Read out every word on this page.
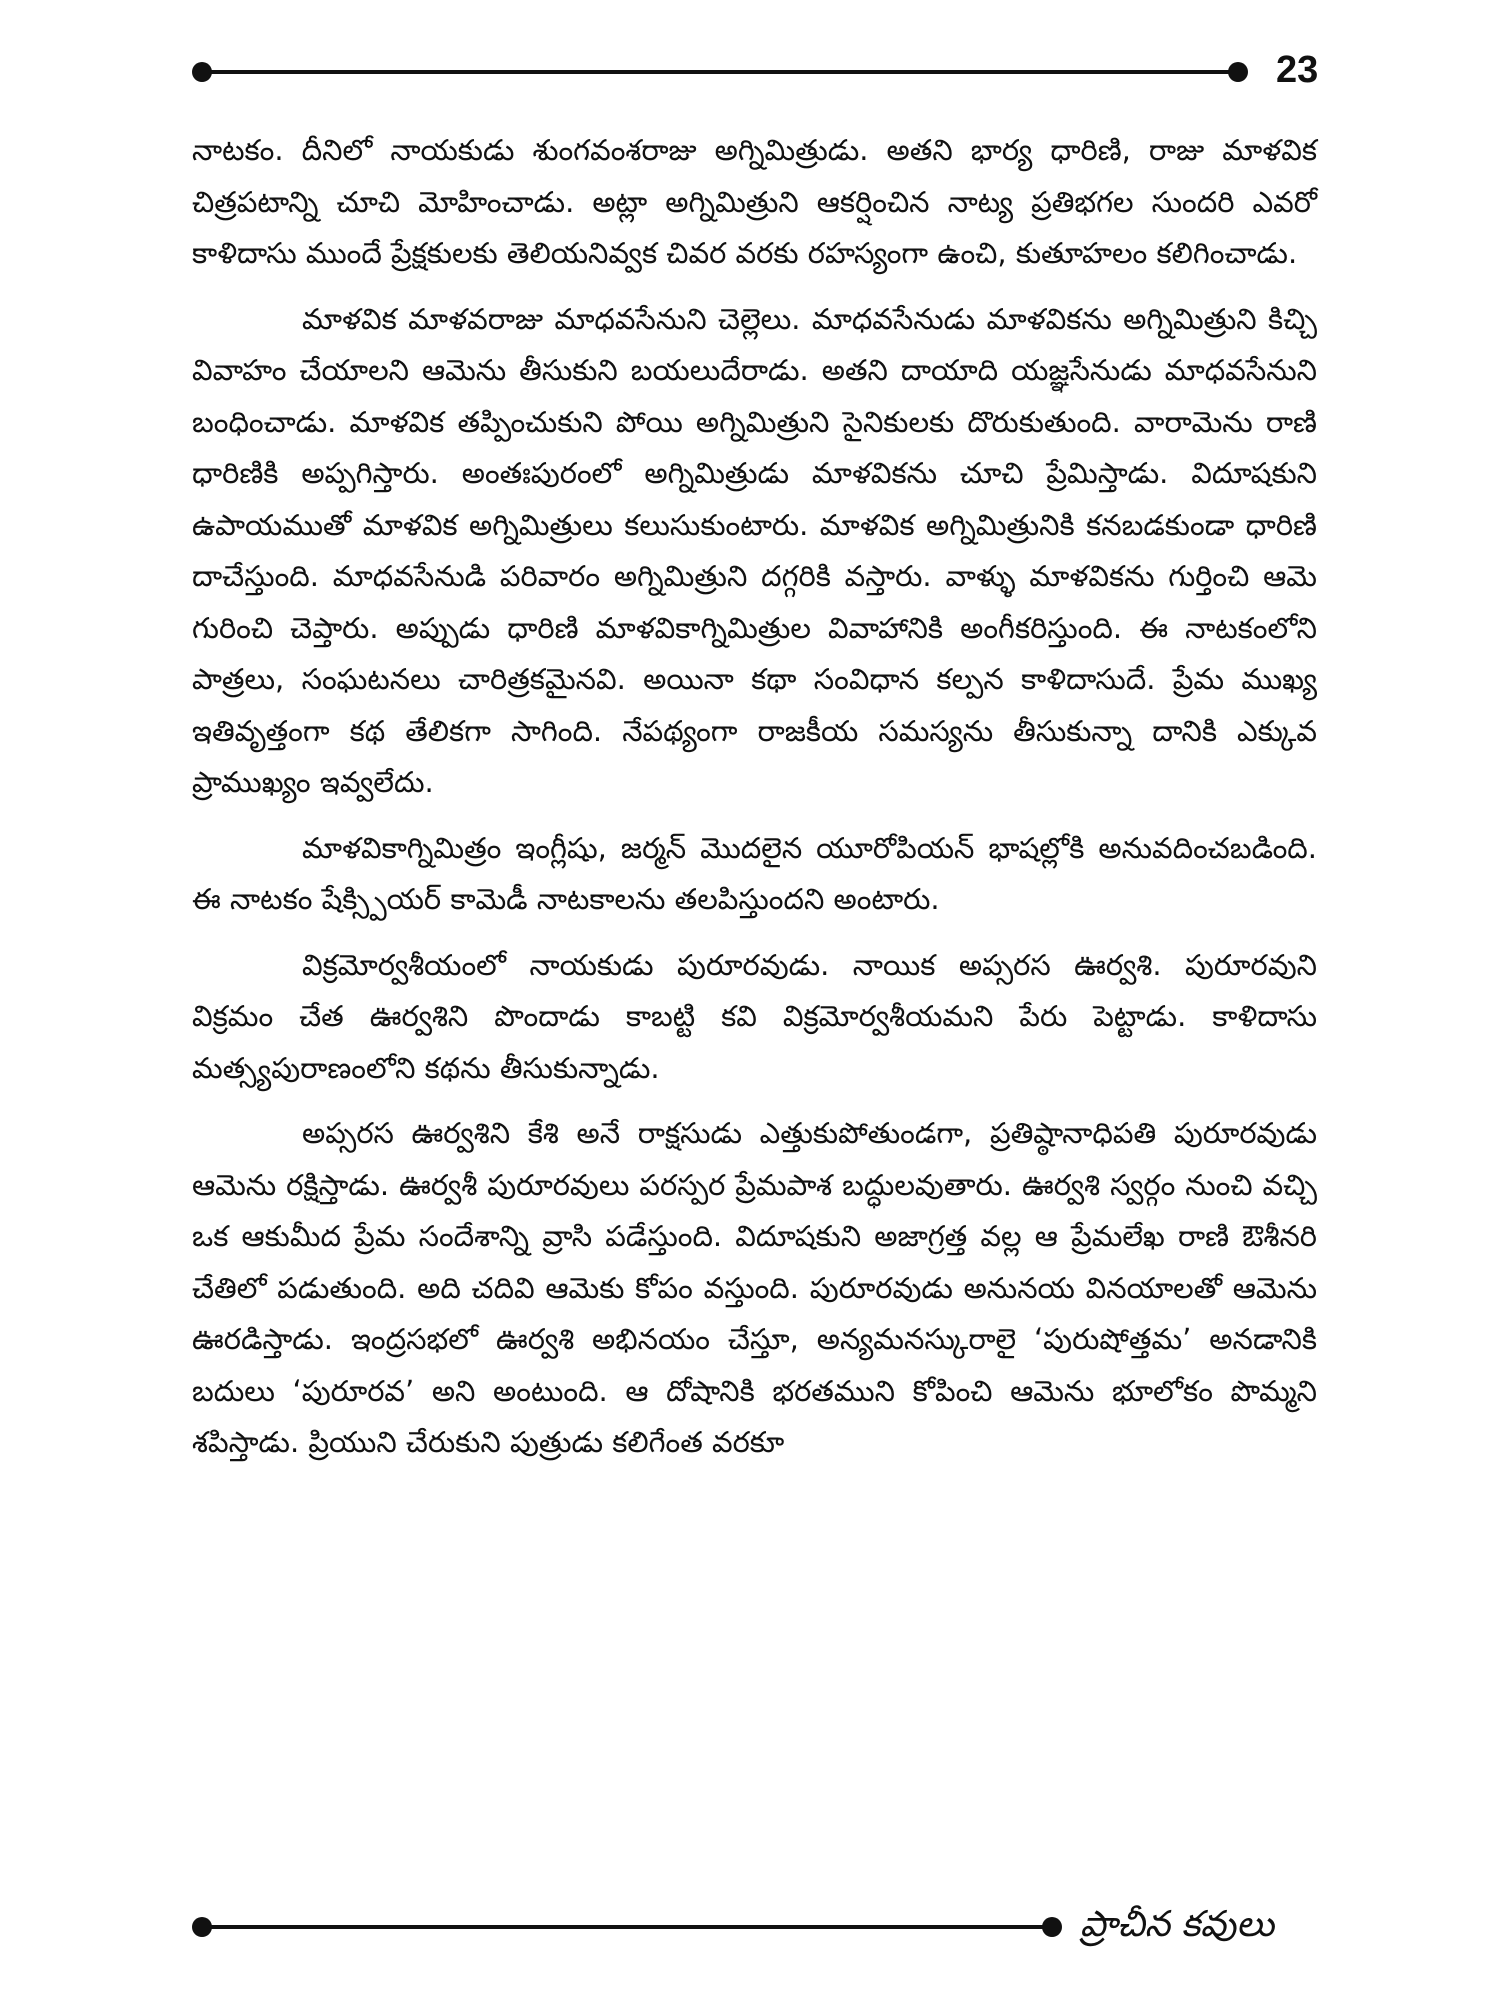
23

నాటకం. దీనిలో నాయకుడు శుంగవంశరాజు అగ్నిమిత్రుడు. అతని భార్య ధారిణి, రాజు మాళవిక చిత్రపటాన్ని చూచి మోహించాడు. అట్లా అగ్నిమిత్రుని ఆకర్షించిన నాట్య ప్రతిభగల సుందరి ఎవరో కాళిదాసు ముందే ప్రేక్షకులకు తెలియనివ్వక చివర వరకు రహస్యంగా ఉంచి, కుతూహలం కలిగించాడు.

మాళవిక మాళవరాజు మాధవసేనుని చెల్లెలు. మాధవసేనుడు మాళవికను అగ్నిమిత్రుని కిచ్చి వివాహం చేయాలని ఆమెను తీసుకుని బయలుదేరాడు. అతని దాయాది యజ్ఞసేనుడు మాధవసేనుని బంధించాడు. మాళవిక తప్పించుకుని పోయి అగ్నిమిత్రుని సైనికులకు దొరుకుతుంది. వారామెను రాణి ధారిణికి అప్పగిస్తారు. అంతఃపురంలో అగ్నిమిత్రుడు మాళవికను చూచి ప్రేమిస్తాడు. విదూషకుని ఉపాయముతో మాళవిక అగ్నిమిత్రులు కలుసుకుంటారు. మాళవిక అగ్నిమిత్రునికి కనబడకుండా ధారిణి దాచేస్తుంది. మాధవసేనుడి పరివారం అగ్నిమిత్రుని దగ్గరికి వస్తారు. వాళ్ళు మాళవికను గుర్తించి ఆమె గురించి చెప్తారు. అప్పుడు ధారిణి మాళవికాగ్నిమిత్రుల వివాహానికి అంగీకరిస్తుంది. ఈ నాటకంలోని పాత్రలు, సంఘటనలు చారిత్రకమైనవి. అయినా కథా సంవిధాన కల్పన కాళిదాసుదే. ప్రేమ ముఖ్య ఇతివృత్తంగా కథ తేలికగా సాగింది. నేపథ్యంగా రాజకీయ సమస్యను తీసుకున్నా దానికి ఎక్కువ ప్రాముఖ్యం ఇవ్వలేదు.

మాళవికాగ్నిమిత్రం ఇంగ్లీషు, జర్మన్ మొదలైన యూరోపియన్ భాషల్లోకి అనువదించబడింది. ఈ నాటకం షేక్స్పియర్ కామెడీ నాటకాలను తలపిస్తుందని అంటారు.

విక్రమోర్వశీయంలో నాయకుడు పురూరవుడు. నాయిక అప్సరస ఊర్వశి. పురూరవుని విక్రమం చేత ఊర్వశిని పొందాడు కాబట్టి కవి విక్రమోర్వశీయమని పేరు పెట్టాడు. కాళిదాసు మత్స్యపురాణంలోని కథను తీసుకున్నాడు.

అప్సరస ఊర్వశిని కేశి అనే రాక్షసుడు ఎత్తుకుపోతుండగా, ప్రతిష్ఠానాధిపతి పురూరవుడు ఆమెను రక్షిస్తాడు. ఊర్వశీ పురూరవులు పరస్పర ప్రేమపాశ బద్ధులవుతారు. ఊర్వశి స్వర్గం నుంచి వచ్చి ఒక ఆకుమీద ప్రేమ సందేశాన్ని వ్రాసి పడేస్తుంది. విదూషకుని అజాగ్రత్త వల్ల ఆ ప్రేమలేఖ రాణి ఔశీనరి చేతిలో పడుతుంది. అది చదివి ఆమెకు కోపం వస్తుంది. పురూరవుడు అనునయ వినయాలతో ఆమెను ఊరడిస్తాడు. ఇంద్రసభలో ఊర్వశి అభినయం చేస్తూ, అన్యమనస్కురాలై ‘పురుషోత్తమ’ అనడానికి బదులు ‘పురూరవ’ అని అంటుంది. ఆ దోషానికి భరతముని కోపించి ఆమెను భూలోకం పొమ్మని శపిస్తాడు. ప్రియుని చేరుకుని పుత్రుడు కలిగేంత వరకూ

ప్రాచీన కవులు
